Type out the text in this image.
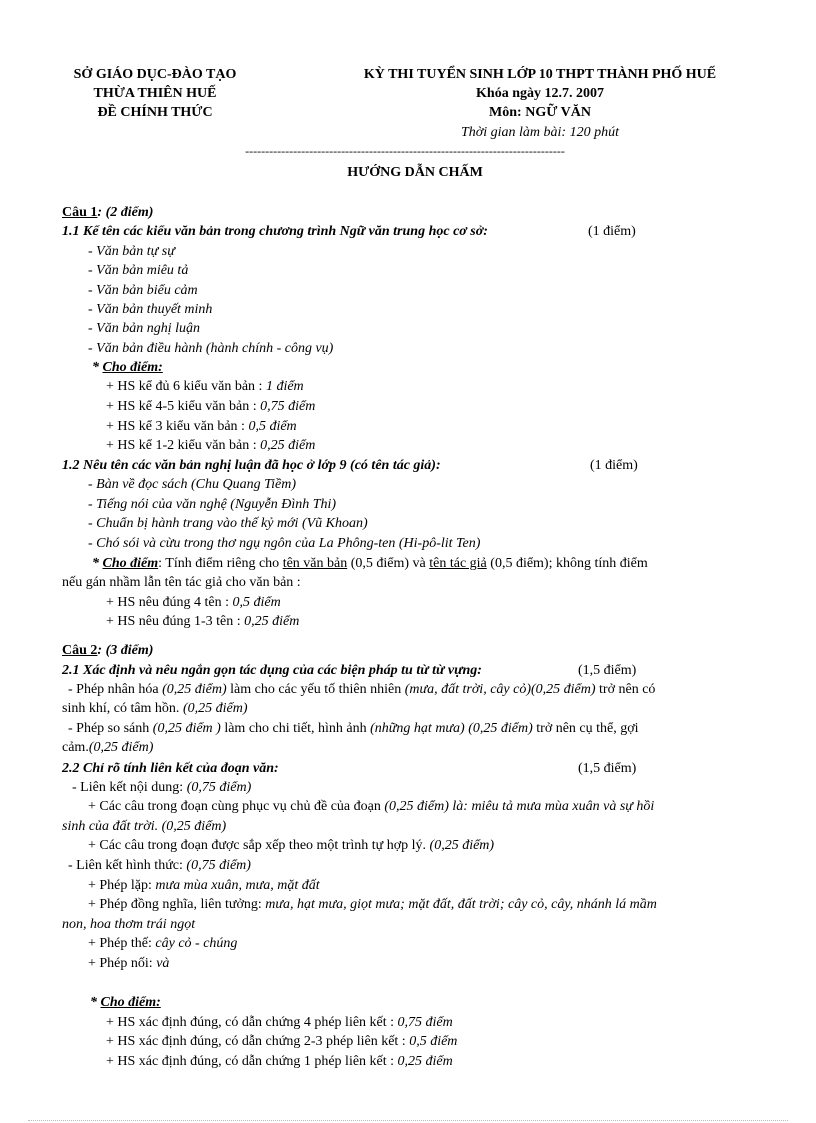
SỞ GIÁO DỤC-ĐÀO TẠO
THỪA THIÊN HUẾ
ĐỀ CHÍNH THỨC
KỲ THI TUYỂN SINH LỚP 10 THPT THÀNH PHỐ HUẾ
Khóa ngày 12.7. 2007
Môn: NGỮ VĂN
Thời gian làm bài: 120 phút
--------------------------------------------------------------------------------
HƯỚNG DẪN CHẤM
Câu 1: (2 điểm)
1.1 Kể tên các kiểu văn bản trong chương trình Ngữ văn trung học cơ sở:	(1 điểm)
- Văn bản tự sự
- Văn bản miêu tả
- Văn bản biểu cảm
- Văn bản thuyết minh
- Văn bản nghị luận
- Văn bản điều hành (hành chính - công vụ)
* Cho điểm:
+ HS kể đủ 6 kiểu văn bản : 1 điểm
+ HS kể 4-5 kiểu văn bản : 0,75 điểm
+ HS kể 3 kiểu văn bản : 0,5 điểm
+ HS kể 1-2 kiểu văn bản : 0,25 điểm
1.2 Nêu tên các văn bản nghị luận đã học ở lớp 9 (có tên tác giả):	(1 điểm)
- Bàn về đọc sách (Chu Quang Tiềm)
- Tiếng nói của văn nghệ (Nguyễn Đình Thi)
- Chuẩn bị hành trang vào thế kỷ mới (Vũ Khoan)
- Chó sói và cừu trong thơ ngụ ngôn của La Phông-ten (Hi-pô-lit Ten)
* Cho điểm: Tính điểm riêng cho tên văn bản (0,5 điểm) và tên tác giả (0,5 điểm); không tính điểm
nếu gán nhầm lẫn tên tác giả cho văn bản :
+ HS nêu đúng 4 tên : 0,5 điểm
+ HS nêu đúng 1-3 tên : 0,25 điểm
Câu 2: (3 điểm)
2.1 Xác định và nêu ngắn gọn tác dụng của các biện pháp tu từ từ vựng:	(1,5 điểm)
- Phép nhân hóa (0,25 điểm) làm cho các yếu tố thiên nhiên (mưa, đất trời, cây cỏ)(0,25 điểm) trở nên có
sinh khí, có tâm hồn. (0,25 điểm)
- Phép so sánh (0,25 điểm ) làm cho chi tiết, hình ảnh (những hạt mưa) (0,25 điểm) trở nên cụ thể, gợi
cảm.(0,25 điểm)
2.2 Chỉ rõ tính liên kết của đoạn văn:	(1,5 điểm)
- Liên kết nội dung: (0,75 điểm)
+ Các câu trong đoạn cùng phục vụ chủ đề của đoạn (0,25 điểm) là: miêu tả mưa mùa xuân và sự hồi
sinh của đất trời. (0,25 điểm)
+ Các câu trong đoạn được sắp xếp theo một trình tự hợp lý. (0,25 điểm)
- Liên kết hình thức: (0,75 điểm)
+ Phép lặp: mưa mùa xuân, mưa, mặt đất
+ Phép đồng nghĩa, liên tưởng: mưa, hạt mưa, giọt mưa; mặt đất, đất trời; cây cỏ, cây, nhánh lá mầm
non, hoa thơm trái ngọt
+ Phép thế: cây cỏ - chúng
+ Phép nối: và
* Cho điểm:
+ HS xác định đúng, có dẫn chứng 4 phép liên kết : 0,75 điểm
+ HS xác định đúng, có dẫn chứng 2-3 phép liên kết : 0,5 điểm
+ HS xác định đúng, có dẫn chứng 1 phép liên kết : 0,25 điểm
